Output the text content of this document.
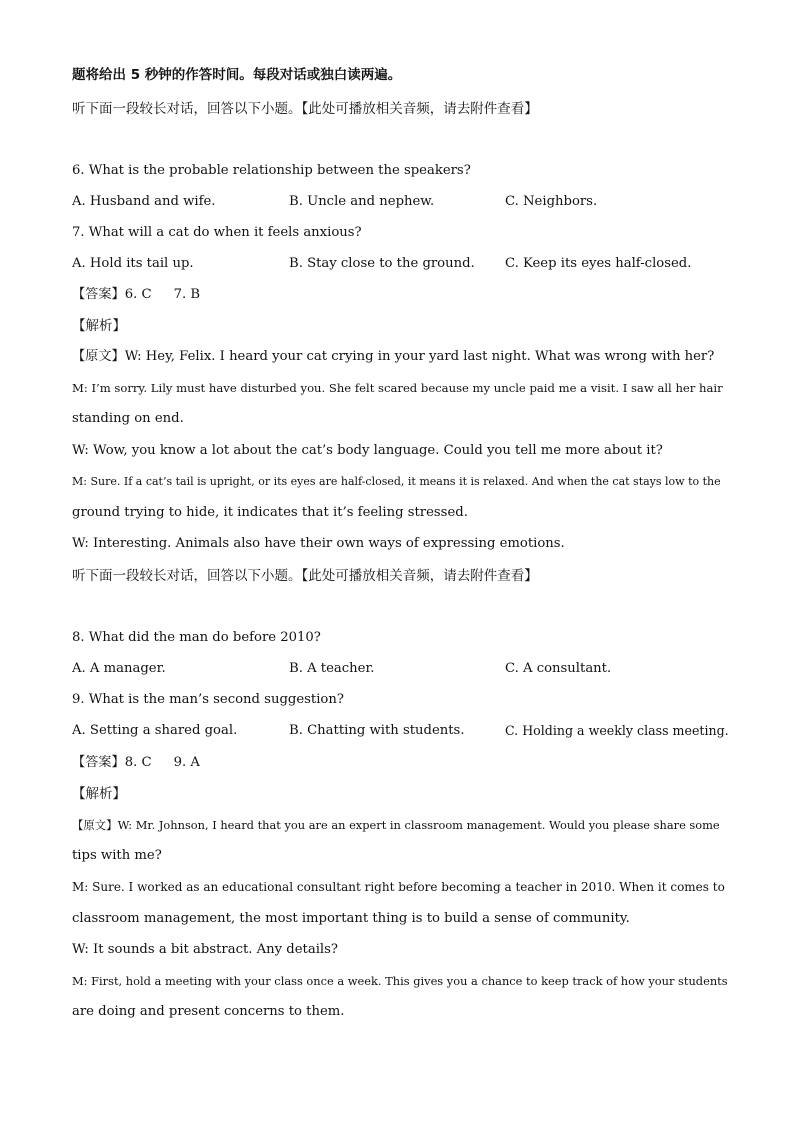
题将给出 5 秒钟的作答时间。每段对话或独白读两遍。
听下面一段较长对话，回答以下小题。【此处可播放相关音频，请去附件查看】
6. What is the probable relationship between the speakers?
A. Husband and wife.	B. Uncle and nephew.	C. Neighbors.
7. What will a cat do when it feels anxious?
A. Hold its tail up.	B. Stay close to the ground. C. Keep its eyes half-closed.
【答案】6. C 7. B
【解析】
【原文】W: Hey, Felix. I heard your cat crying in your yard last night. What was wrong with her?
M: I’m sorry. Lily must have disturbed you. She felt scared because my uncle paid me a visit. I saw all her hair
standing on end.
W: Wow, you know a lot about the cat’s body language. Could you tell me more about it?
M: Sure. If a cat’s tail is upright, or its eyes are half-closed, it means it is relaxed. And when the cat stays low to the
ground trying to hide, it indicates that it’s feeling stressed.
W: Interesting. Animals also have their own ways of expressing emotions.
听下面一段较长对话，回答以下小题。【此处可播放相关音频，请去附件查看】
8. What did the man do before 2010?
A. A manager.	B. A teacher.	C. A consultant.
9. What is the man’s second suggestion?
A. Setting a shared goal.	B. Chatting with students.	C. Holding a weekly class meeting.
【答案】8. C 9. A
【解析】
【原文】W: Mr. Johnson, I heard that you are an expert in classroom management. Would you please share some
tips with me?
M: Sure. I worked as an educational consultant right before becoming a teacher in 2010. When it comes to
classroom management, the most important thing is to build a sense of community.
W: It sounds a bit abstract. Any details?
M: First, hold a meeting with your class once a week. This gives you a chance to keep track of how your students
are doing and present concerns to them.
